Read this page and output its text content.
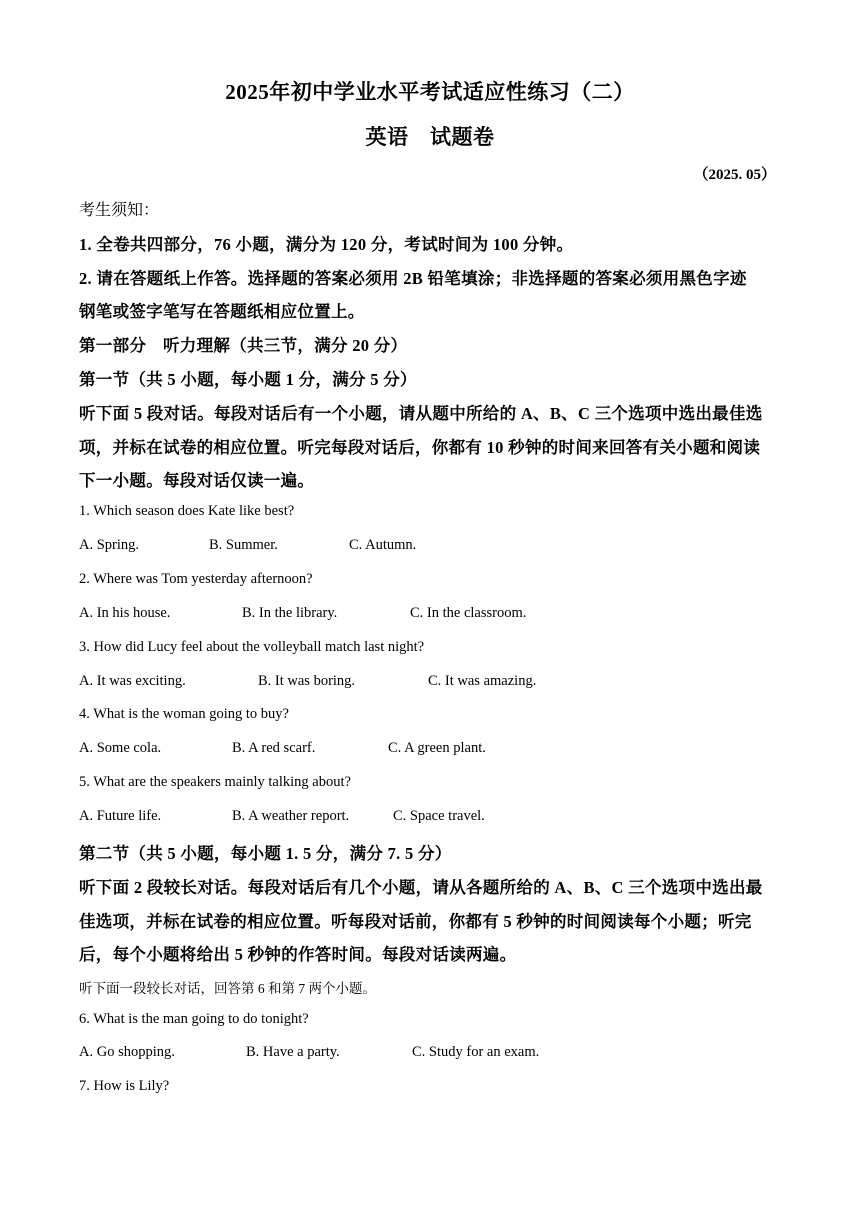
2025年初中学业水平考试适应性练习（二）
英语　试题卷
（2025. 05）
考生须知：
1. 全卷共四部分，76 小题，满分为 120 分，考试时间为 100 分钟。
2. 请在答题纸上作答。选择题的答案必须用 2B 铅笔填涂；非选择题的答案必须用黑色字迹
钢笔或签字笔写在答题纸相应位置上。
第一部分　听力理解（共三节，满分 20 分）
第一节（共 5 小题，每小题 1 分，满分 5 分）
听下面 5 段对话。每段对话后有一个小题，请从题中所给的 A、B、C 三个选项中选出最佳选
项，并标在试卷的相应位置。听完每段对话后，你都有 10 秒钟的时间来回答有关小题和阅读
下一小题。每段对话仅读一遍。
1. Which season does Kate like best?
A. Spring.	B. Summer.	C. Autumn.
2. Where was Tom yesterday afternoon?
A. In his house.	B. In the library.	C. In the classroom.
3. How did Lucy feel about the volleyball match last night?
A. It was exciting.	B. It was boring.	C. It was amazing.
4. What is the woman going to buy?
A. Some cola.	B. A red scarf.	C. A green plant.
5. What are the speakers mainly talking about?
A. Future life.	B. A weather report.	C. Space travel.
第二节（共 5 小题，每小题 1. 5 分，满分 7. 5 分）
听下面 2 段较长对话。每段对话后有几个小题，请从各题所给的 A、B、C 三个选项中选出最
佳选项，并标在试卷的相应位置。听每段对话前，你都有 5 秒钟的时间阅读每个小题；听完
后，每个小题将给出 5 秒钟的作答时间。每段对话读两遍。
听下面一段较长对话，回答第 6 和第 7 两个小题。
6. What is the man going to do tonight?
A. Go shopping.	B. Have a party.	C. Study for an exam.
7. How is Lily?
